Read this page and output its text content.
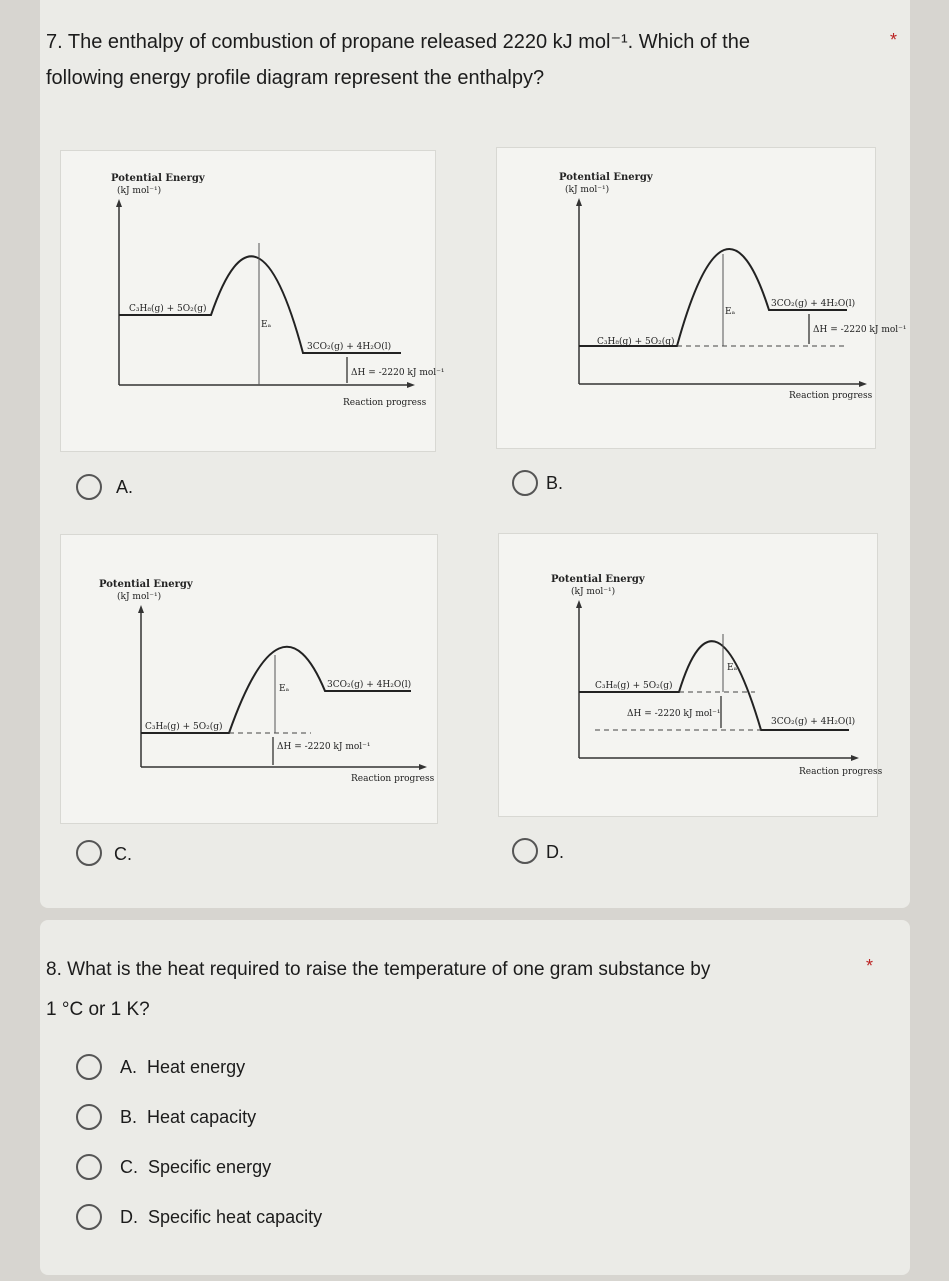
7. The enthalpy of combustion of propane released 2220 kJ mol⁻¹. Which of the
following energy profile diagram represent the enthalpy?
*
Potential Energy
(kJ mol⁻¹)
Reaction progress
C₃H₈(g) + 5O₂(g)
3CO₂(g) + 4H₂O(l)
Eₐ
ΔH = -2220 kJ mol⁻¹
A.
Potential Energy
(kJ mol⁻¹)
Reaction progress
C₃H₈(g) + 5O₂(g)
3CO₂(g) + 4H₂O(l)
Eₐ
ΔH = -2220 kJ mol⁻¹
B.
Potential Energy
(kJ mol⁻¹)
Reaction progress
C₃H₈(g) + 5O₂(g)
3CO₂(g) + 4H₂O(l)
Eₐ
ΔH = -2220 kJ mol⁻¹
C.
Potential Energy
(kJ mol⁻¹)
Reaction progress
C₃H₈(g) + 5O₂(g)
3CO₂(g) + 4H₂O(l)
Eₐ
ΔH = -2220 kJ mol⁻¹
D.
8. What is the heat required to raise the temperature of one gram substance by
1 °C or 1 K?
*
A. Heat energy
B. Heat capacity
C. Specific energy
D. Specific heat capacity
